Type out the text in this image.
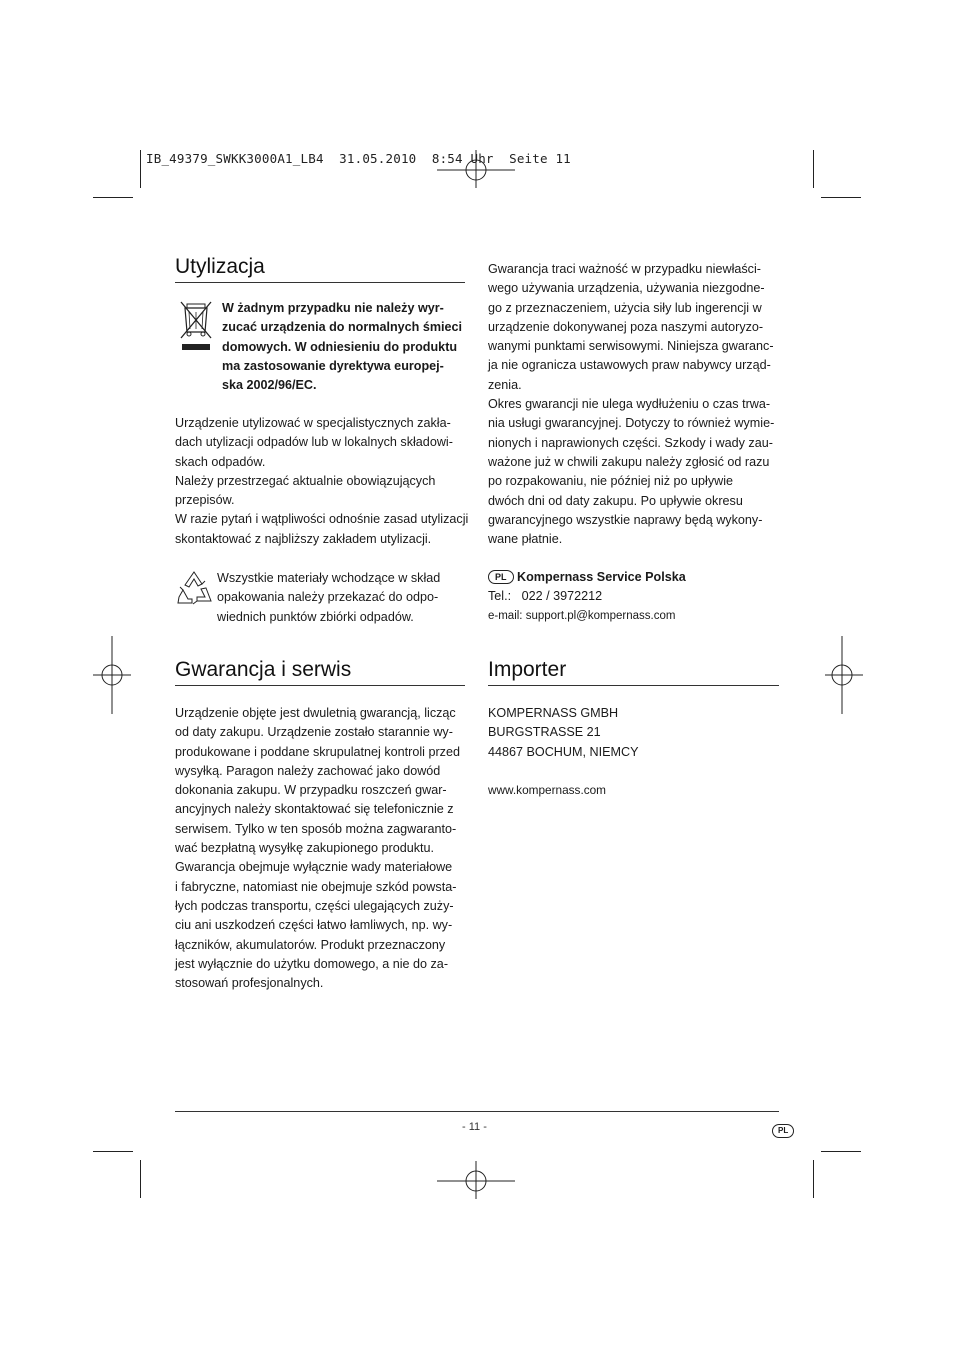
IB_49379_SWKK3000A1_LB4  31.05.2010  8:54 Uhr  Seite 11
Utylizacja

W żadnym przypadku nie należy wyr-

zucać urządzenia do normalnych śmieci

domowych. W odniesieniu do produktu

ma zastosowanie dyrektywa europej-

ska 2002/96/EC.

Urządzenie utylizować w specjalistycznych zakła-

dach utylizacji odpadów lub w lokalnych składowi-

skach odpadów.

Należy przestrzegać aktualnie obowiązujących

przepisów.

W razie pytań i wątpliwości odnośnie zasad utylizacji

skontaktować z najbliższy zakładem utylizacji.

Wszystkie materiały wchodzące w skład

opakowania należy przekazać do odpo-

wiednich punktów zbiórki odpadów.

Gwarancja i serwis

Urządzenie objęte jest dwuletnią gwarancją, licząc

od daty zakupu. Urządzenie zostało starannie wy-

produkowane i poddane skrupulatnej kontroli przed

wysyłką. Paragon należy zachować jako dowód

dokonania zakupu. W przypadku roszczeń gwar-

ancyjnych należy skontaktować się telefonicznie z

serwisem. Tylko w ten sposób można zagwaranto-

wać bezpłatną wysyłkę zakupionego produktu.

Gwarancja obejmuje wyłącznie wady materiałowe

i fabryczne, natomiast nie obejmuje szkód powsta-

łych podczas transportu, części ulegających zuży-

ciu ani uszkodzeń części łatwo łamliwych, np. wy-

łączników, akumulatorów. Produkt przeznaczony

jest wyłącznie do użytku domowego, a nie do za-

stosowań profesjonalnych.

Gwarancja traci ważność w przypadku niewłaści-

wego używania urządzenia, używania niezgodne-

go z przeznaczeniem, użycia siły lub ingerencji w

urządzenie dokonywanej poza naszymi autoryzo-

wanymi punktami serwisowymi. Niniejsza gwaranc-

ja nie ogranicza ustawowych praw nabywcy urząd-

zenia.

Okres gwarancji nie ulega wydłużeniu o czas trwa-

nia usługi gwarancyjnej. Dotyczy to również wymie-

nionych i naprawionych części. Szkody i wady zau-

ważone już w chwili zakupu należy zgłosić od razu

po rozpakowaniu, nie później niż po upływie

dwóch dni od daty zakupu. Po upływie okresu

gwarancyjnego wszystkie naprawy będą wykony-

wane płatnie.

PL Kompernass Service Polska

Tel.: 022 / 3972212

e-mail: support.pl@kompernass.com

Importer

KOMPERNASS GMBH

BURGSTRASSE 21

44867 BOCHUM, NIEMCY

www.kompernass.com

- 11 -	PL
